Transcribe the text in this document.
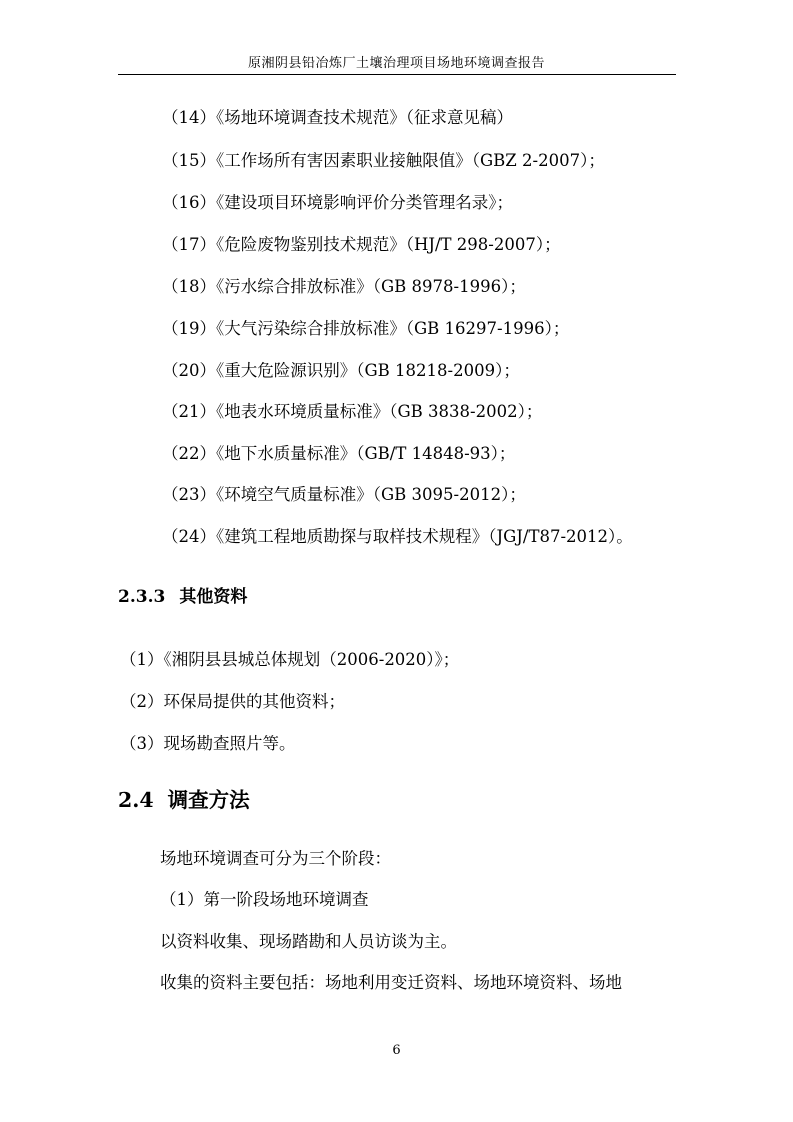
原湘阴县铅冶炼厂土壤治理项目场地环境调查报告
（14）《场地环境调查技术规范》（征求意见稿）
（15）《工作场所有害因素职业接触限值》（GBZ 2-2007）；
（16）《建设项目环境影响评价分类管理名录》；
（17）《危险废物鉴别技术规范》（HJ/T 298-2007）；
（18）《污水综合排放标准》（GB 8978-1996）；
（19）《大气污染综合排放标准》（GB 16297-1996）；
（20）《重大危险源识别》（GB 18218-2009）；
（21）《地表水环境质量标准》（GB 3838-2002）；
（22）《地下水质量标准》（GB/T 14848-93）；
（23）《环境空气质量标准》（GB 3095-2012）；
（24）《建筑工程地质勘探与取样技术规程》（JGJ/T87-2012）。
2.3.3 其他资料
（1）《湘阴县县城总体规划（2006-2020）》；
（2）环保局提供的其他资料；
（3）现场勘查照片等。
2.4 调查方法
场地环境调查可分为三个阶段：
（1）第一阶段场地环境调查
以资料收集、现场踏勘和人员访谈为主。
收集的资料主要包括：场地利用变迁资料、场地环境资料、场地
6
